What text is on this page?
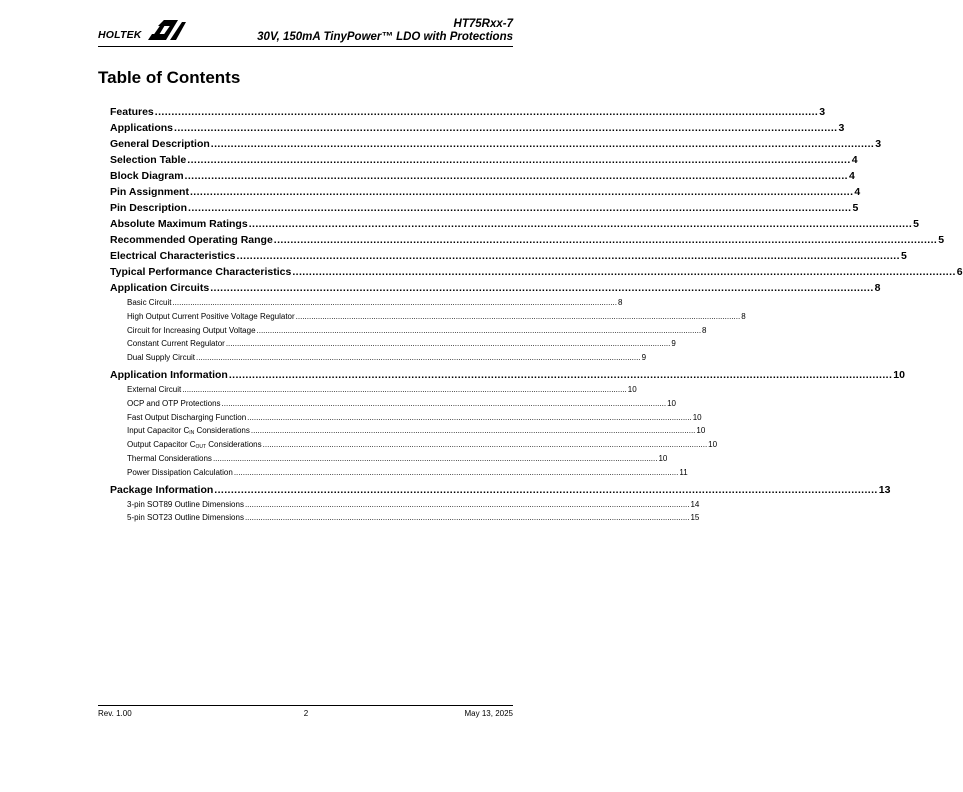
HOLTEK
HT75Rxx-7
30V, 150mA TinyPower™ LDO with Protections
Table of Contents
Features ........................................................................................................................................................................................................ 3
Applications ........................................................................................................................................................................................................ 3
General Description ........................................................................................................................................................................................................ 3
Selection Table ........................................................................................................................................................................................................ 4
Block Diagram ........................................................................................................................................................................................................ 4
Pin Assignment ........................................................................................................................................................................................................ 4
Pin Description ........................................................................................................................................................................................................ 5
Absolute Maximum Ratings ........................................................................................................................................................................................................ 5
Recommended Operating Range ........................................................................................................................................................................................................ 5
Electrical Characteristics ........................................................................................................................................................................................................ 5
Typical Performance Characteristics ........................................................................................................................................................................................................ 6
Application Circuits ........................................................................................................................................................................................................ 8
Basic Circuit ........................................................................................................................................................................................................ 8
High Output Current Positive Voltage Regulator ........................................................................................................................................................................................................ 8
Circuit for Increasing Output Voltage ........................................................................................................................................................................................................ 8
Constant Current Regulator ........................................................................................................................................................................................................ 9
Dual Supply Circuit ........................................................................................................................................................................................................ 9
Application Information ........................................................................................................................................................................................................ 10
External Circuit ........................................................................................................................................................................................................ 10
OCP and OTP Protections ........................................................................................................................................................................................................ 10
Fast Output Discharging Function ........................................................................................................................................................................................................ 10
Input Capacitor CIN Considerations ........................................................................................................................................................................................................ 10
Output Capacitor COUT Considerations ........................................................................................................................................................................................................ 10
Thermal Considerations ........................................................................................................................................................................................................ 10
Power Dissipation Calculation ........................................................................................................................................................................................................ 11
Package Information ........................................................................................................................................................................................................ 13
3-pin SOT89 Outline Dimensions ........................................................................................................................................................................................................ 14
5-pin SOT23 Outline Dimensions ........................................................................................................................................................................................................ 15
Rev. 1.00	2	May 13, 2025
